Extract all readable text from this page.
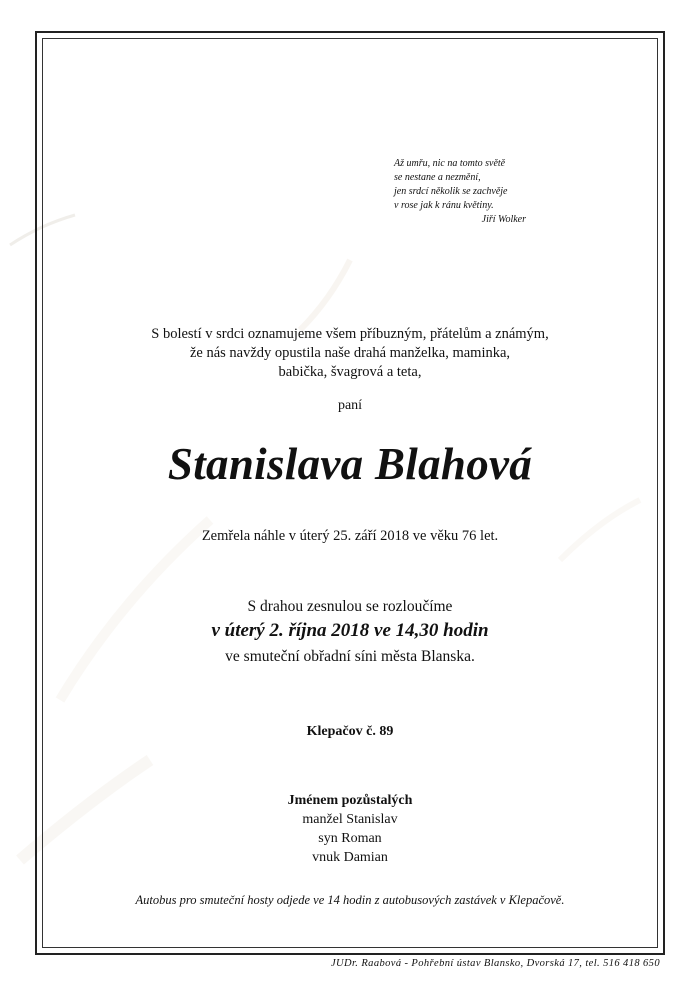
Až umřu, nic na tomto světě
se nestane a nezmění,
jen srdcí několik se zachvěje
v rose jak k ránu květiny.
Jiří Wolker
S bolestí v srdci oznamujeme všem příbuzným, přátelům a známým,
že nás navždy opustila naše drahá manželka, maminka,
babička, švagrová a teta,
paní
Stanislava Blahová
Zemřela náhle v úterý 25. září 2018 ve věku 76 let.
S drahou zesnulou se rozloučíme
v úterý 2. října 2018 ve 14,30 hodin
ve smuteční obřadní síni města Blanska.
Klepačov č. 89
Jménem pozůstalých
manžel Stanislav
syn Roman
vnuk Damian
Autobus pro smuteční hosty odjede ve 14 hodin z autobusových zastávek v Klepačově.
JUDr. Raabová - Pohřební ústav Blansko, Dvorská 17, tel. 516 418 650
